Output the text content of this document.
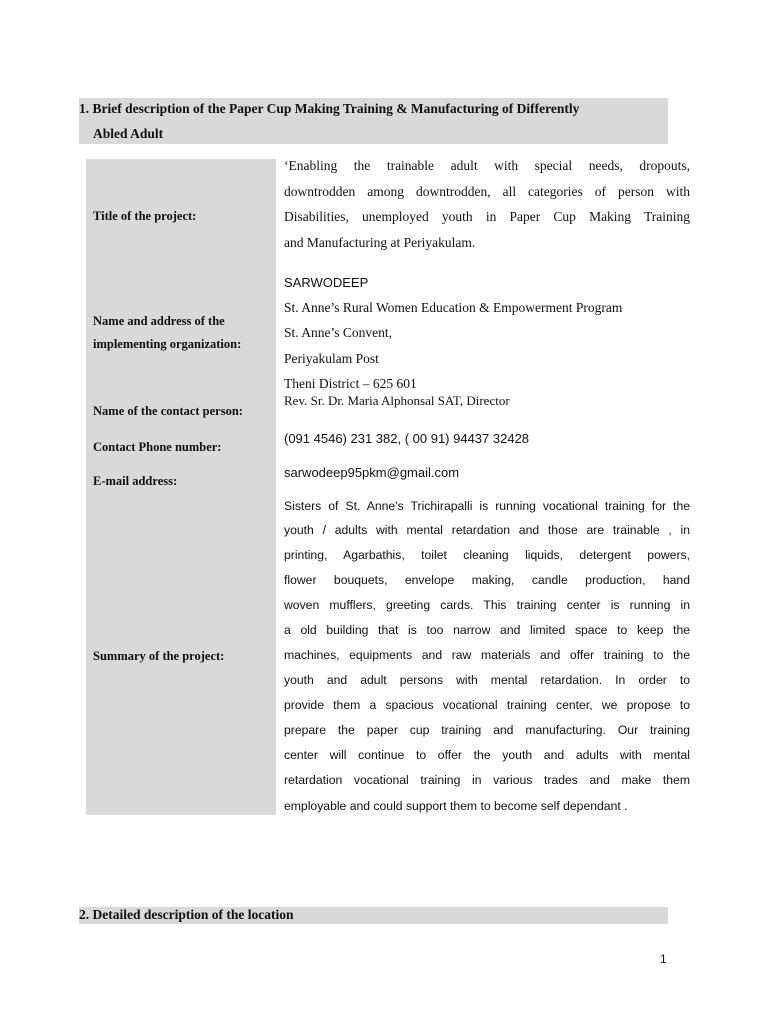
1. Brief description of the Paper Cup Making Training & Manufacturing of Differently
Abled Adult
Title of the project:
Name and address of the
implementing organization:
Name of the contact person:
Contact Phone number:
E-mail address:
Summary of the project:
‘Enabling the trainable adult with special needs, dropouts,
downtrodden among downtrodden, all categories of person with
Disabilities, unemployed youth in Paper Cup Making Training
and Manufacturing at Periyakulam.
SARWODEEP
St. Anne’s Rural Women Education & Empowerment Program
St. Anne’s Convent,
Periyakulam Post
Theni District – 625 601
Rev. Sr. Dr. Maria Alphonsal SAT, Director
(091 4546) 231 382, ( 00 91) 94437 32428
sarwodeep95pkm@gmail.com
Sisters of St. Anne’s Trichirapalli is running vocational training for the
youth / adults with mental retardation and those are trainable , in
printing, Agarbathis, toilet cleaning liquids, detergent powers,
flower bouquets, envelope making, candle production, hand
woven mufflers, greeting cards. This training center is running in
a old building that is too narrow and limited space to keep the
machines, equipments and raw materials and offer training to the
youth and adult persons with mental retardation. In order to
provide them a spacious vocational training center, we propose to
prepare the paper cup training and manufacturing. Our training
center will continue to offer the youth and adults with mental
retardation vocational training in various trades and make them
employable and could support them to become self dependant .
2. Detailed description of the location
1
